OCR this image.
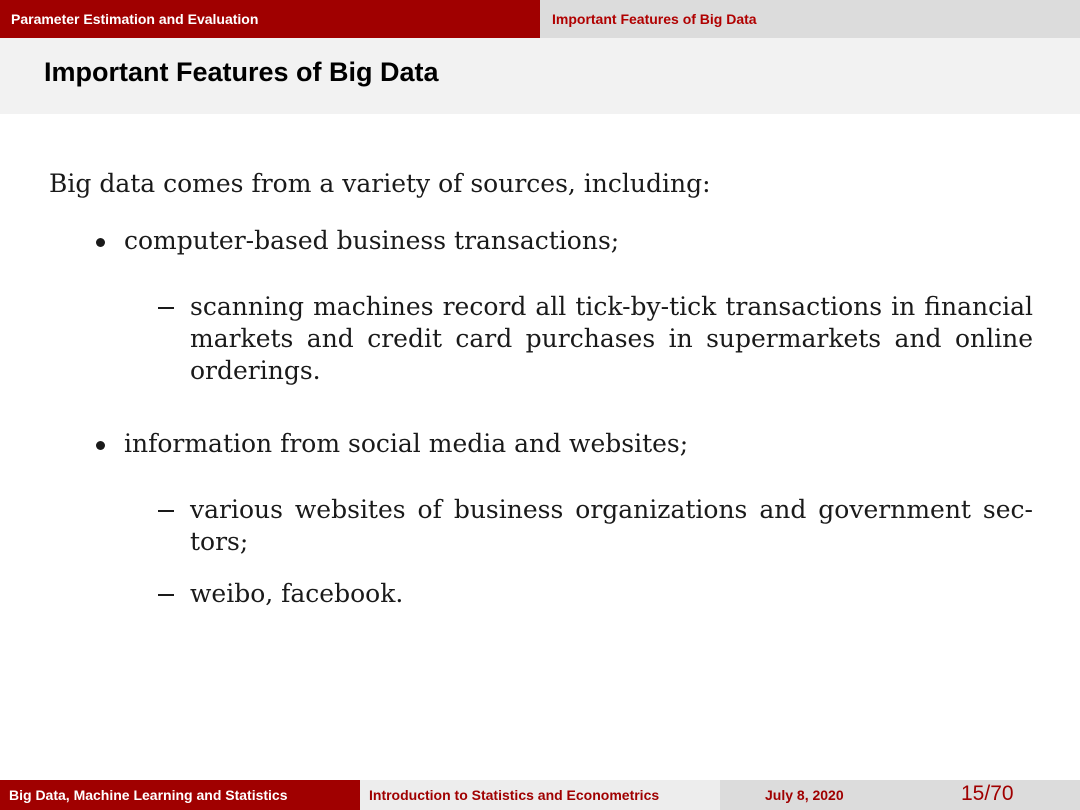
Parameter Estimation and Evaluation	Important Features of Big Data
Important Features of Big Data
Big data comes from a variety of sources, including:
computer-based business transactions;
scanning machines record all tick-by-tick transactions in financial markets and credit card purchases in supermarkets and online orderings.
information from social media and websites;
various websites of business organizations and government sec-tors;
weibo, facebook.
Big Data, Machine Learning and Statistics	Introduction to Statistics and Econometrics	July 8, 2020	15/70
